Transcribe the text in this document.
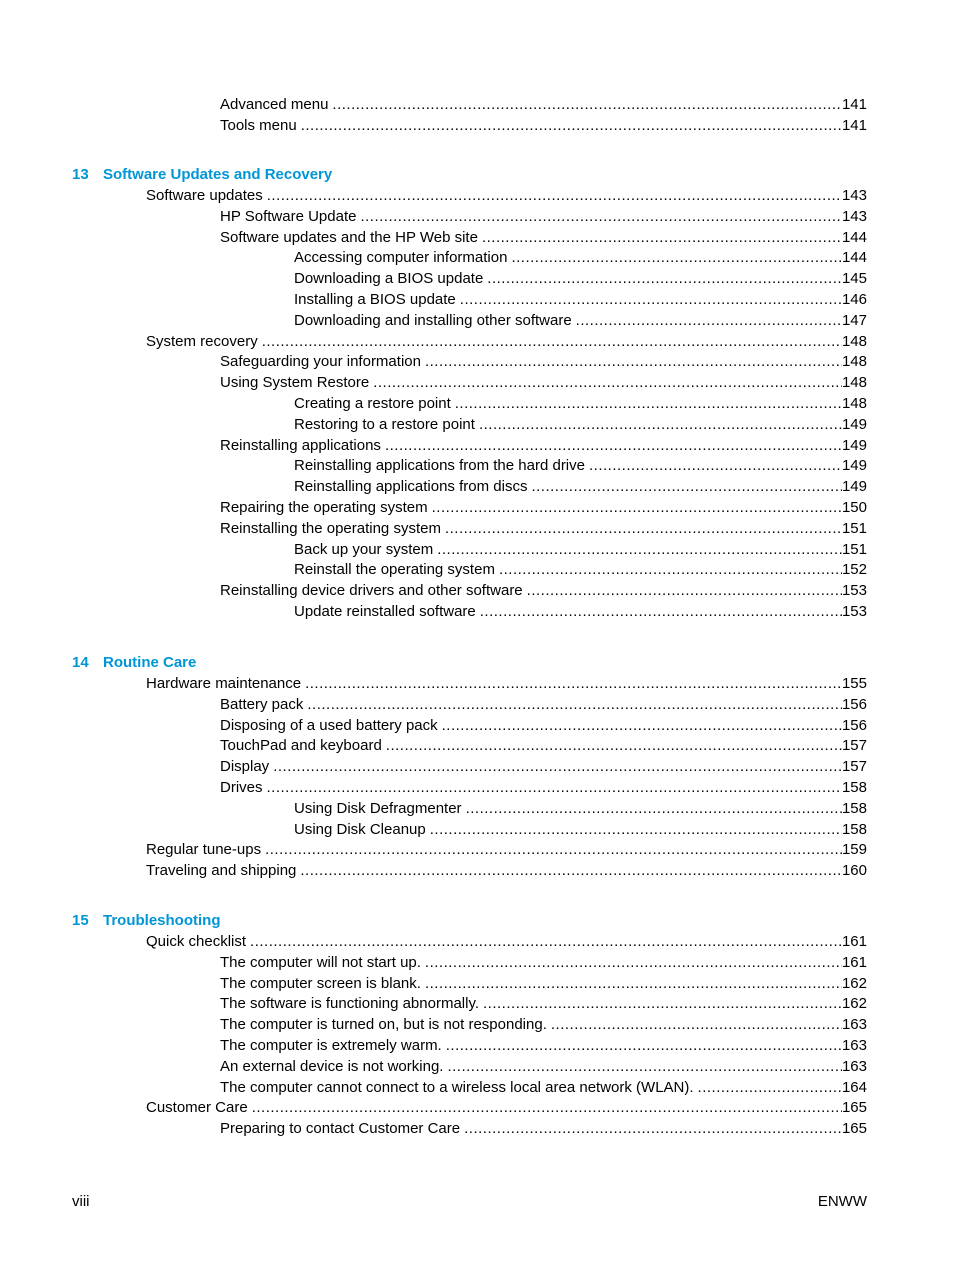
Advanced menu .....	141
Tools menu .....	141
13 Software Updates and Recovery
Software updates .....	143
HP Software Update .....	143
Software updates and the HP Web site .....	144
Accessing computer information .....	144
Downloading a BIOS update .....	145
Installing a BIOS update .....	146
Downloading and installing other software .....	147
System recovery .....	148
Safeguarding your information .....	148
Using System Restore .....	148
Creating a restore point .....	148
Restoring to a restore point .....	149
Reinstalling applications .....	149
Reinstalling applications from the hard drive .....	149
Reinstalling applications from discs .....	149
Repairing the operating system .....	150
Reinstalling the operating system .....	151
Back up your system .....	151
Reinstall the operating system .....	152
Reinstalling device drivers and other software .....	153
Update reinstalled software .....	153
14 Routine Care
Hardware maintenance .....	155
Battery pack .....	156
Disposing of a used battery pack .....	156
TouchPad and keyboard .....	157
Display .....	157
Drives .....	158
Using Disk Defragmenter .....	158
Using Disk Cleanup .....	158
Regular tune-ups .....	159
Traveling and shipping .....	160
15 Troubleshooting
Quick checklist .....	161
The computer will not start up. .....	161
The computer screen is blank. .....	162
The software is functioning abnormally. .....	162
The computer is turned on, but is not responding. .....	163
The computer is extremely warm. .....	163
An external device is not working. .....	163
The computer cannot connect to a wireless local area network (WLAN). .....	164
Customer Care .....	165
Preparing to contact Customer Care .....	165
viii	ENWW
